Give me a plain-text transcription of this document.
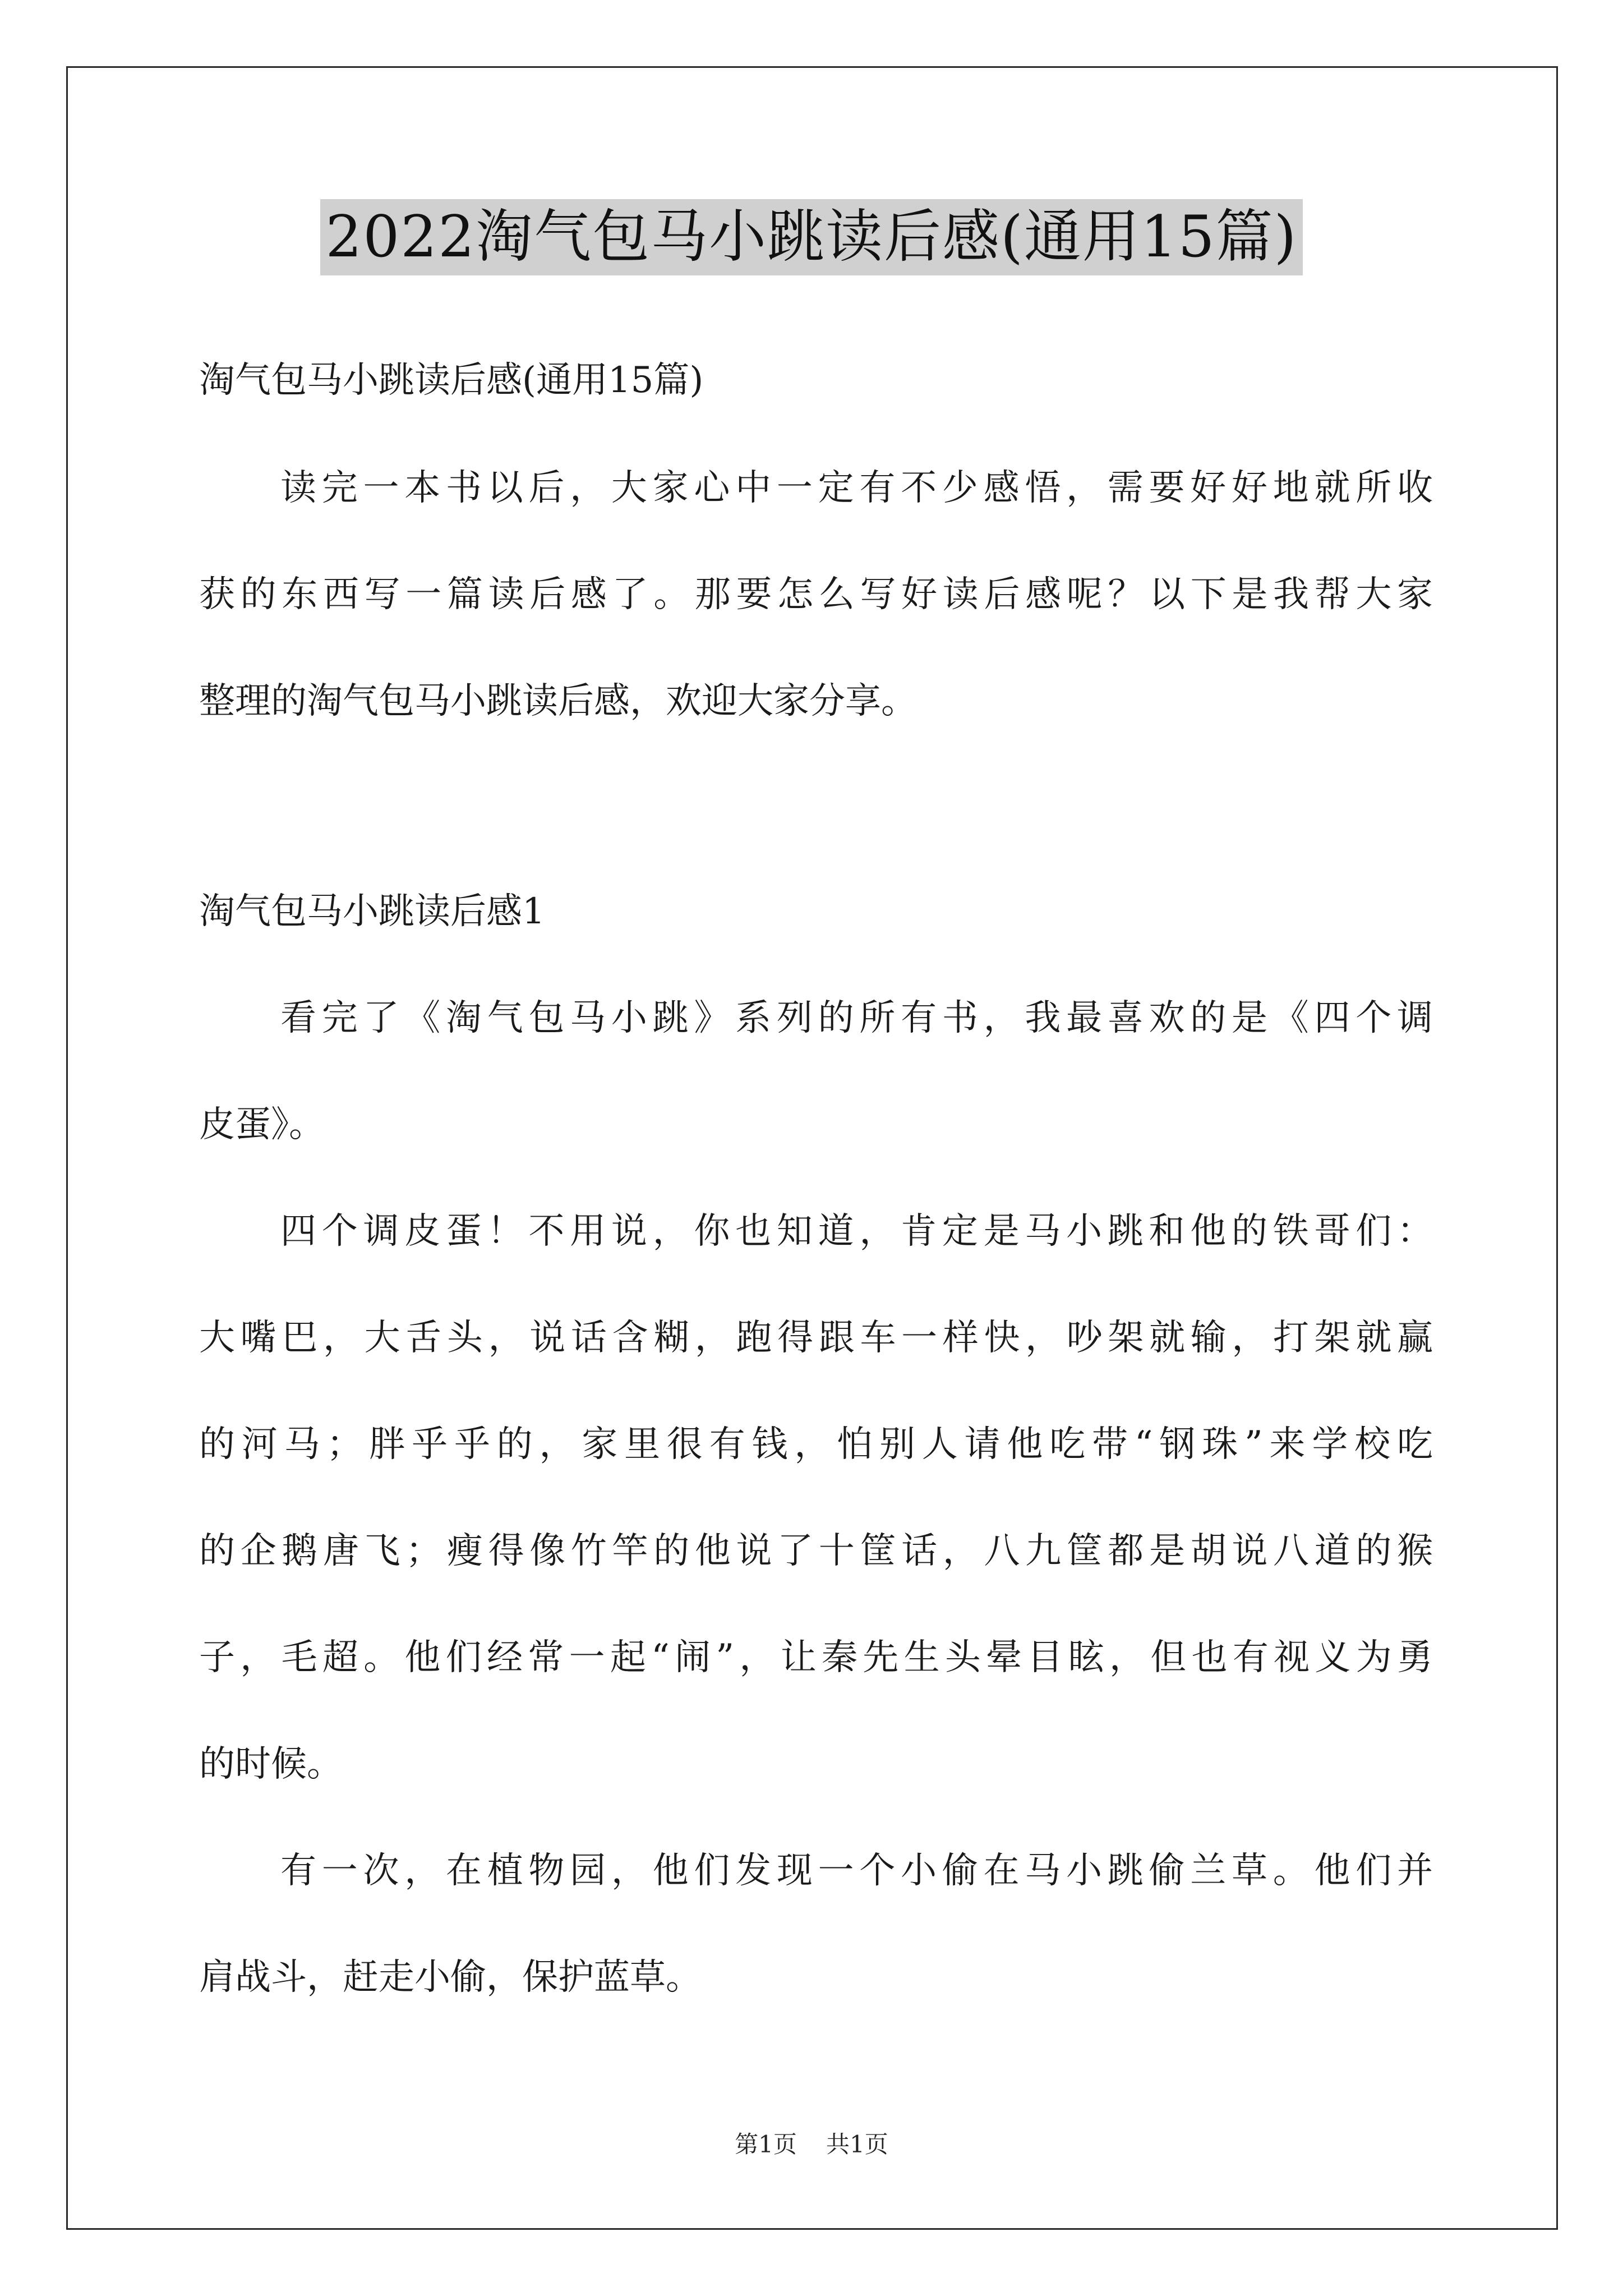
2022淘气包马小跳读后感(通用15篇)
淘气包马小跳读后感(通用15篇)
读完一本书以后，大家心中一定有不少感悟，需要好好地就所收
获的东西写一篇读后感了。那要怎么写好读后感呢？以下是我帮大家
整理的淘气包马小跳读后感，欢迎大家分享。
淘气包马小跳读后感1
看完了《淘气包马小跳》系列的所有书，我最喜欢的是《四个调
皮蛋》。
四个调皮蛋！不用说，你也知道，肯定是马小跳和他的铁哥们：
大嘴巴，大舌头，说话含糊，跑得跟车一样快，吵架就输，打架就赢
的河马；胖乎乎的，家里很有钱，怕别人请他吃带“钢珠”来学校吃
的企鹅唐飞；瘦得像竹竿的他说了十筐话，八九筐都是胡说八道的猴
子，毛超。他们经常一起“闹”，让秦先生头晕目眩，但也有视义为勇
的时候。
有一次，在植物园，他们发现一个小偷在马小跳偷兰草。他们并
肩战斗，赶走小偷，保护蓝草。
第1页 共1页
